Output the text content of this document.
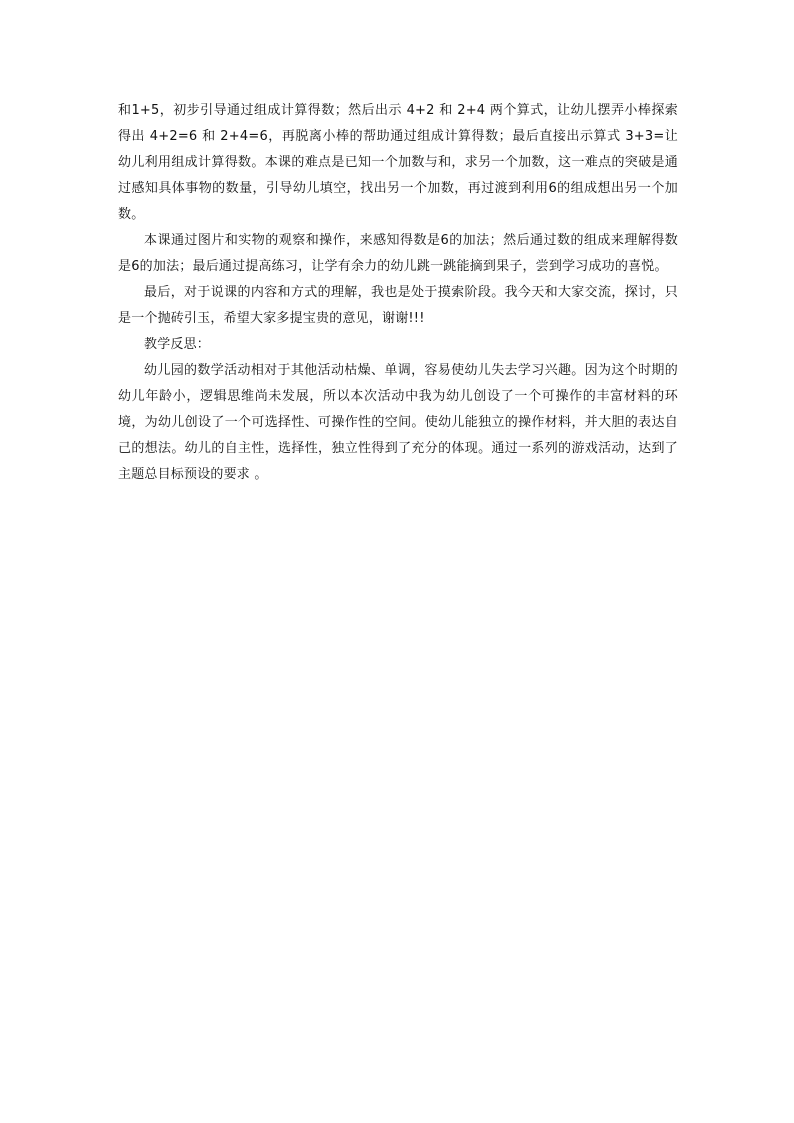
和1+5，初步引导通过组成计算得数；然后出示 4+2 和 2+4 两个算式，让幼儿摆弄小棒探索得出 4+2=6 和 2+4=6，再脱离小棒的帮助通过组成计算得数；最后直接出示算式 3+3=让幼儿利用组成计算得数。本课的难点是已知一个加数与和，求另一个加数，这一难点的突破是通过感知具体事物的数量，引导幼儿填空，找出另一个加数，再过渡到利用6的组成想出另一个加数。

本课通过图片和实物的观察和操作，来感知得数是6的加法；然后通过数的组成来理解得数是6的加法；最后通过提高练习，让学有余力的幼儿跳一跳能摘到果子，尝到学习成功的喜悦。

最后，对于说课的内容和方式的理解，我也是处于摸索阶段。我今天和大家交流，探讨，只是一个抛砖引玉，希望大家多提宝贵的意见，谢谢!!!

教学反思：

幼儿园的数学活动相对于其他活动枯燥、单调，容易使幼儿失去学习兴趣。因为这个时期的幼儿年龄小，逻辑思维尚未发展，所以本次活动中我为幼儿创设了一个可操作的丰富材料的环境，为幼儿创设了一个可选择性、可操作性的空间。使幼儿能独立的操作材料，并大胆的表达自己的想法。幼儿的自主性，选择性，独立性得到了充分的体现。通过一系列的游戏活动，达到了主题总目标预设的要求 。
